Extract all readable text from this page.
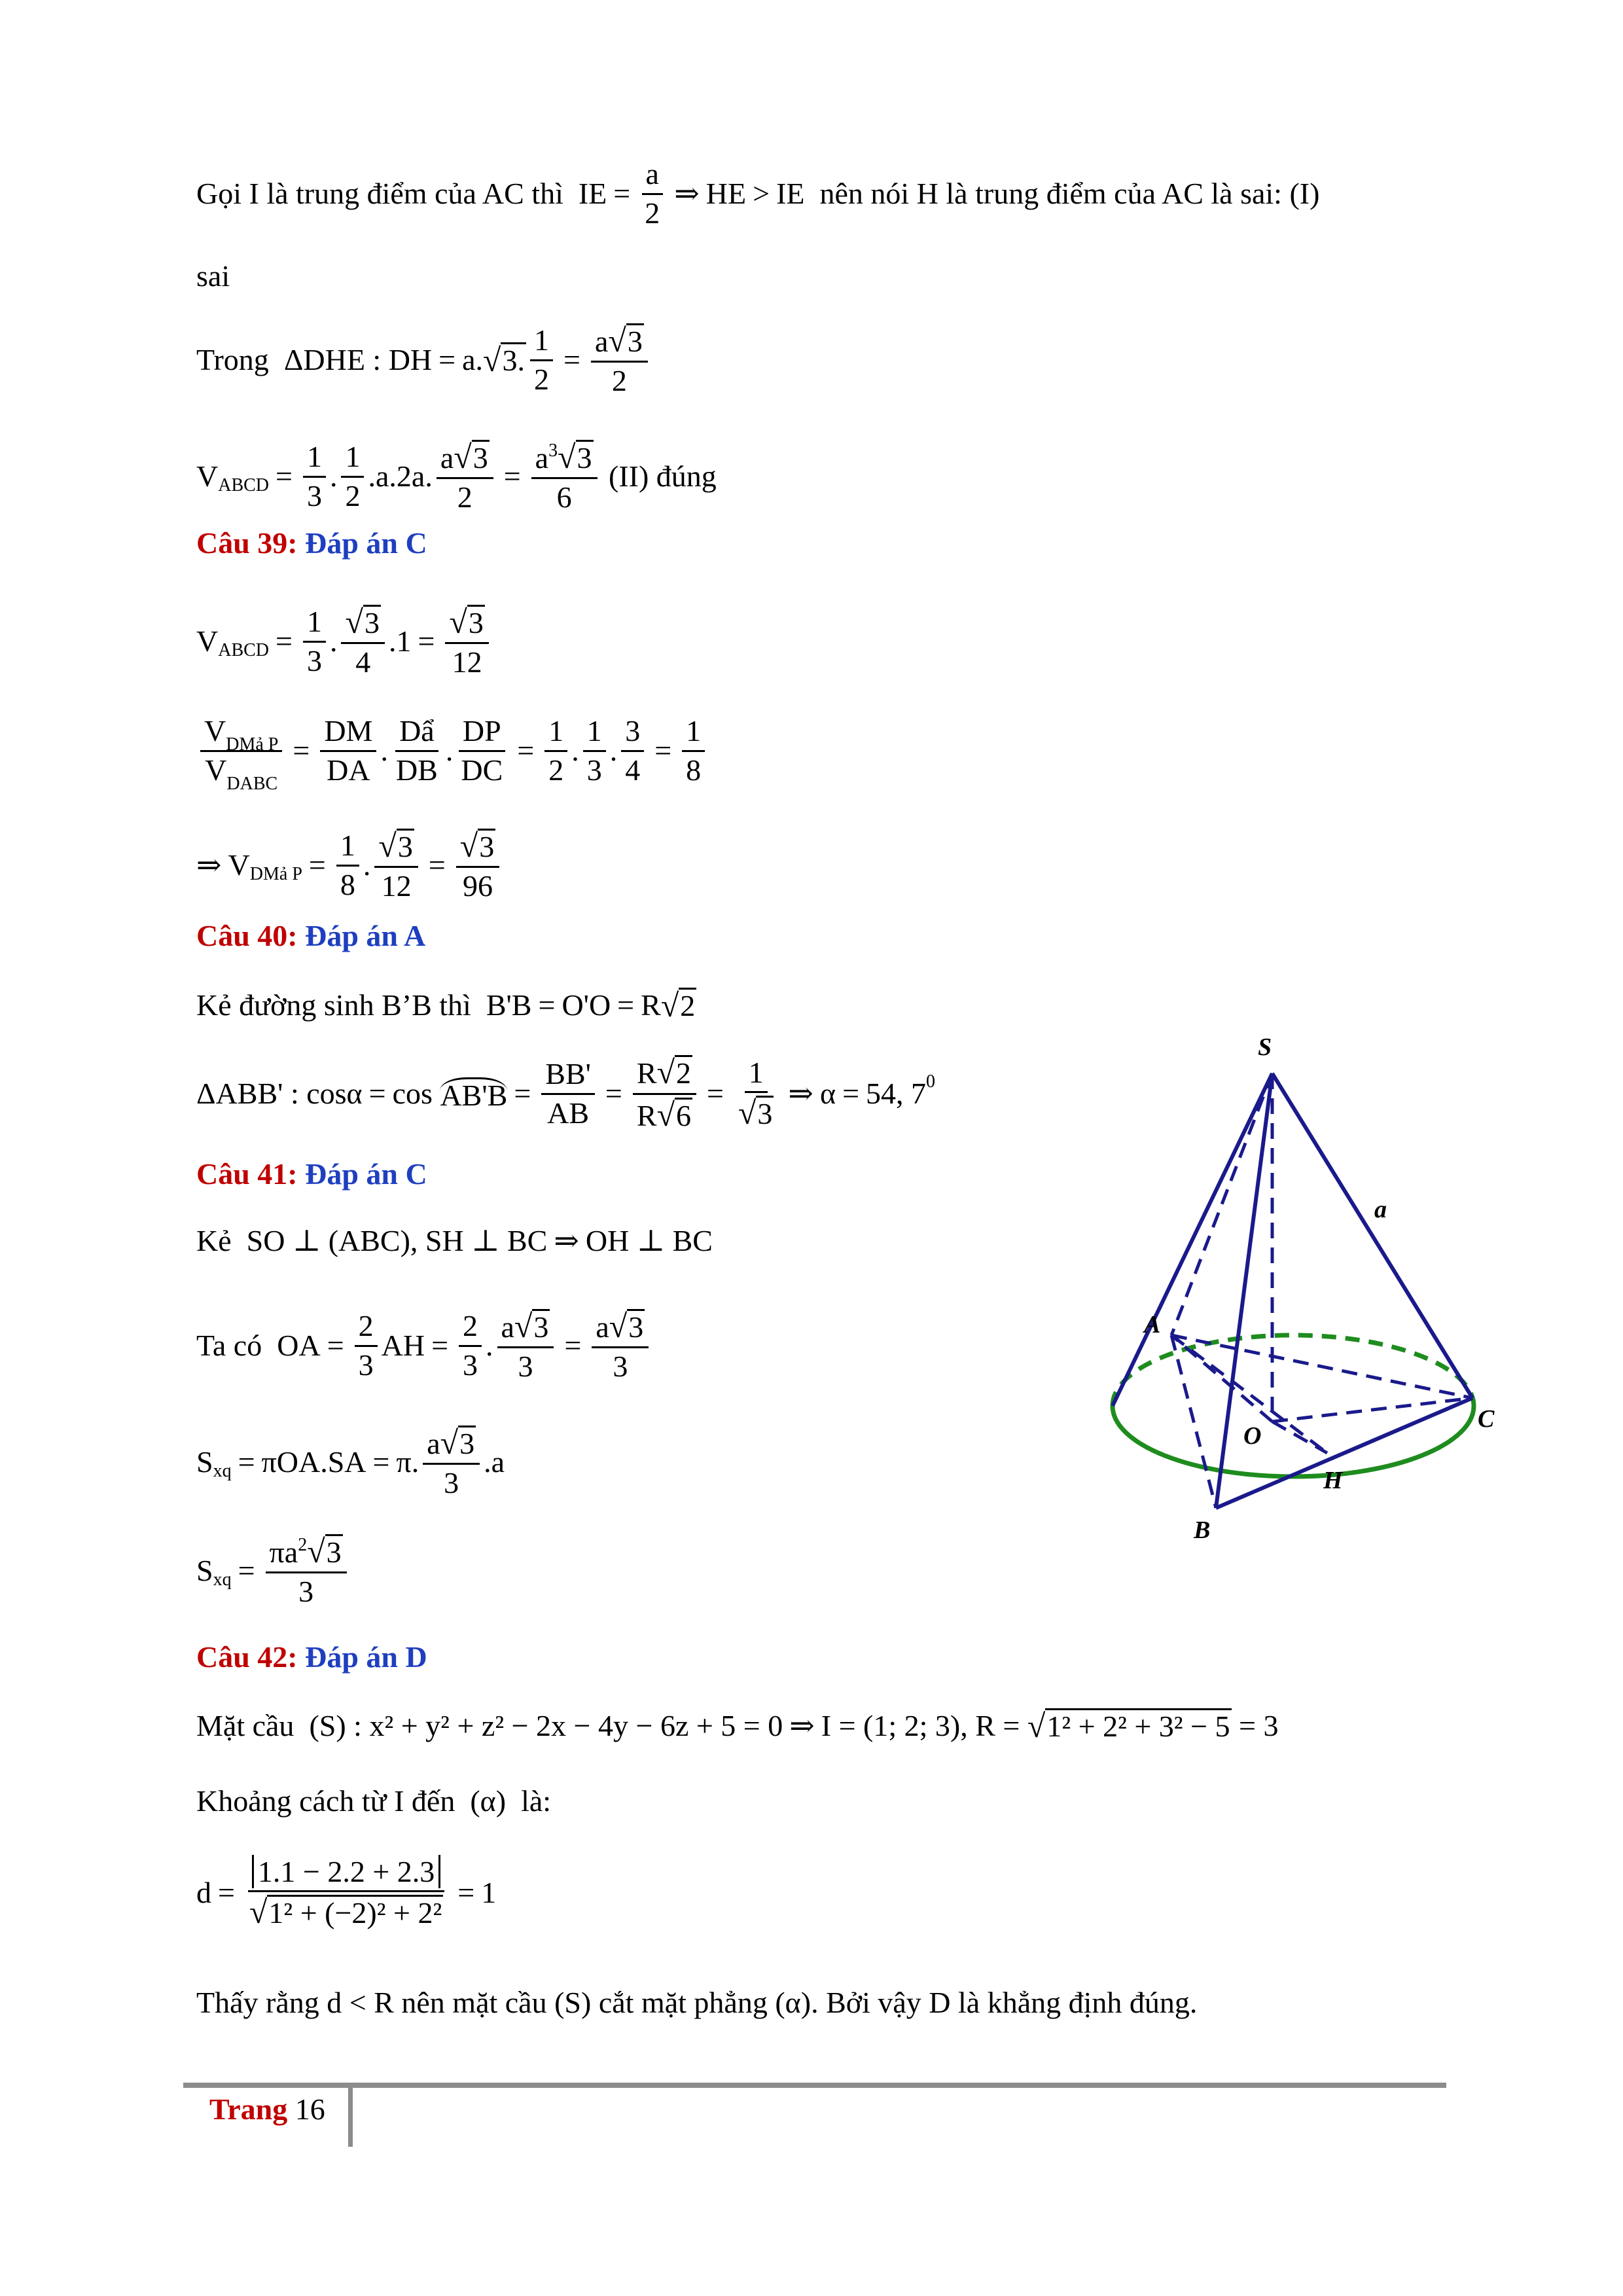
Gọi I là trung điểm của AC thì
IE = $\frac{a}{2}$ ⇒ HE > IE
nên nói H là trung điểm của AC là sai: (I)
sai
Trong
ΔDHE : DH = a. √ 3. $\frac{1}{2} = \frac{a√3}{2}$
V ABCD = $\frac{1}{3}$ . $\frac{1}{2} .a.2a$. $\frac{a√3}{2} = \frac{a^3√3}{6}$
(II) đúng
Câu 39:
Đáp án C
V ABCD = $\frac{1}{3}$ . $\frac{√3}{4} .1 = \frac{√3}{12}$
$\frac{V_{DMả P}}{V_{DABC}} = \frac{DM}{DA}$ . $\frac{\text{Dẩ}}{DB}$ . $\frac{DP}{DC} = \frac{1}{2}$ . $\frac{1}{3}$ . $\frac{3}{4} = \frac{1}{8}$
⇒ V DMả $P = \frac{1}{8}$ . $\frac{√3}{12} = \frac{√3}{96}$
Câu 40:
Đáp án A
Kẻ đường sinh B’B thì
B'B = O'O = R √ 2
ΔABB' : cosα = cos
$AB'B = \frac{BB'}{AB} = \frac{R√2}{R√6} = \frac{1}{√3}$ ⇒ α = 54, 7 0
Câu 41:
Đáp án C
Kẻ
SO ⊥ (ABC), SH ⊥ BC ⇒ OH ⊥ BC
Ta có
OA = $\frac{2}{3}$ AH = $\frac{2}{3}$ . $\frac{a√3}{3} = \frac{a√3}{3}$
S xq = πOA.SA = π. $\frac{a√3}{3} .a$
S xq = $\frac{\pi a^2√3}{3}$
Câu 42:
Đáp án D
Mặt cầu
(S) : x² + y² + z² − 2x − 4y − 6z + 5 = 0 ⇒ I = (1; 2; 3), R =
√ 1² + 2² + 3² − 5
= 3
Khoảng cách từ I đến
(α)
là:
$d = \frac{1.1 - 2.2 + 2.3}{\text{√1² + (−2)² + 2²}} = 1$
Thấy rằng d < R nên mặt cầu (S) cắt mặt phẳng
(α) . Bởi vậy D là khẳng định đúng.
S
a
A
O
C
H
B
Trang 16
